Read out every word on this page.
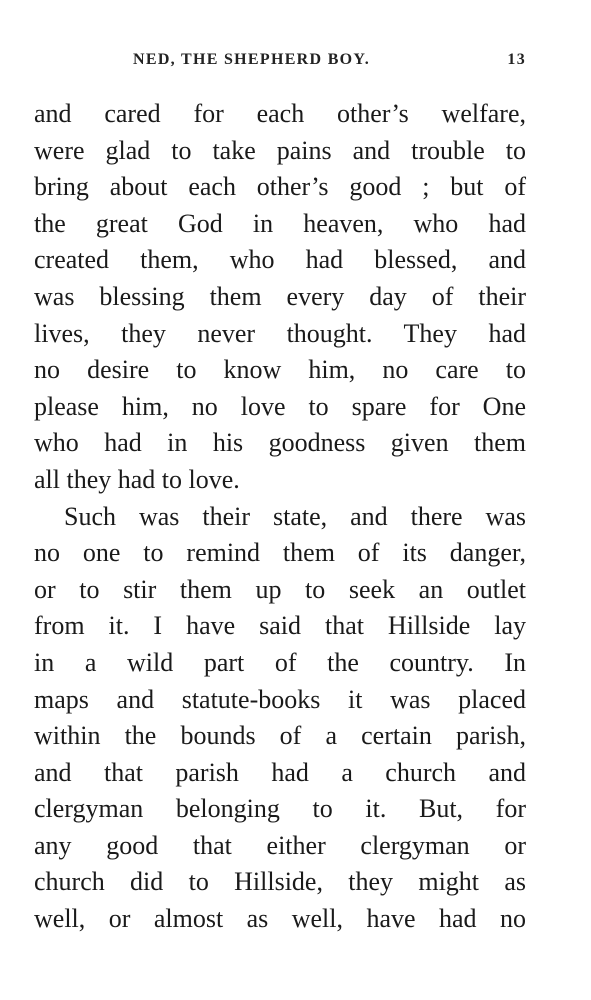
NED, THE SHEPHERD BOY.	13
and cared for each other’s welfare,
were glad to take pains and trouble to
bring about each other’s good ; but of
the great God in heaven, who had
created them, who had blessed, and
was blessing them every day of their
lives, they never thought. They had
no desire to know him, no care to
please him, no love to spare for One
who had in his goodness given them
all they had to love.
Such was their state, and there was
no one to remind them of its danger,
or to stir them up to seek an outlet
from it. I have said that Hillside lay
in a wild part of the country. In
maps and statute-books it was placed
within the bounds of a certain parish,
and that parish had a church and
clergyman belonging to it. But, for
any good that either clergyman or
church did to Hillside, they might as
well, or almost as well, have had no
